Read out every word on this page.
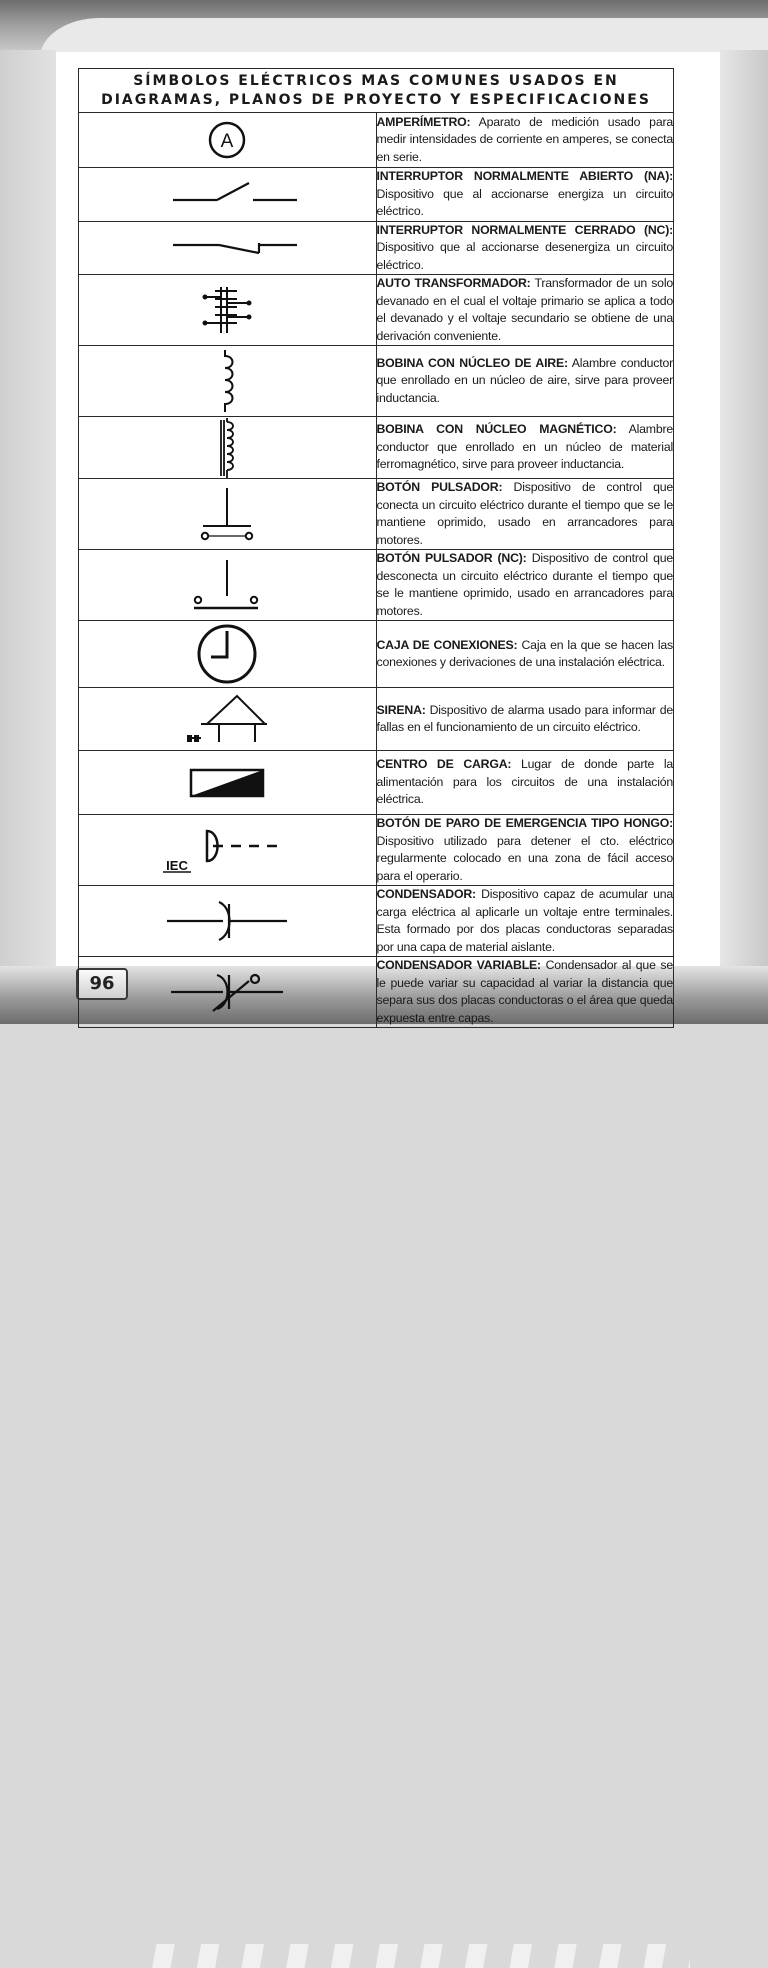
96
SÍMBOLOS ELÉCTRICOS MAS COMUNES USADOS EN
DIAGRAMAS, PLANOS DE PROYECTO Y ESPECIFICACIONES	

A	AMPERÍMETRO: Aparato de medición usado para medir intensidades de corriente en amperes, se conecta en serie.

	INTERRUPTOR NORMALMENTE ABIERTO (NA): Dispositivo que al accionarse energiza un circuito eléctrico.

	INTERRUPTOR NORMALMENTE CERRADO (NC): Dispositivo que al accionarse desenergiza un circuito eléctrico.

	AUTO TRANSFORMADOR: Transformador de un solo devanado en el cual el voltaje primario se aplica a todo el devanado y el voltaje secundario se obtiene de una derivación conveniente.

	BOBINA CON NÚCLEO DE AIRE: Alambre conductor que enrollado en un núcleo de aire, sirve para proveer inductancia.

	BOBINA CON NÚCLEO MAGNÉTICO: Alambre conductor que enrollado en un núcleo de material ferromagnético, sirve para proveer inductancia.

	BOTÓN PULSADOR: Dispositivo de control que conecta un circuito eléctrico durante el tiempo que se le mantiene oprimido, usado en arrancadores para motores.

	BOTÓN PULSADOR (NC): Dispositivo de control que desconecta un circuito eléctrico durante el tiempo que se le mantiene oprimido, usado en arrancadores para motores.

	CAJA DE CONEXIONES: Caja en la que se hacen las conexiones y derivaciones de una instalación eléctrica.

	SIRENA: Dispositivo de alarma usado para informar de fallas en el funcionamiento de un circuito eléctrico.

	CENTRO DE CARGA: Lugar de donde parte la alimentación para los circuitos de una instalación eléctrica.

IEC	BOTÓN DE PARO DE EMERGENCIA TIPO HONGO: Dispositivo utilizado para detener el cto. eléctrico regularmente colocado en una zona de fácil acceso para el operario.

	CONDENSADOR: Dispositivo capaz de acumular una carga eléctrica al aplicarle un voltaje entre terminales. Esta formado por dos placas conductoras separadas por una capa de material aislante.

	CONDENSADOR VARIABLE: Condensador al que se le puede variar su capacidad al variar la distancia que separa sus dos placas conductoras o el área que queda expuesta entre capas.
